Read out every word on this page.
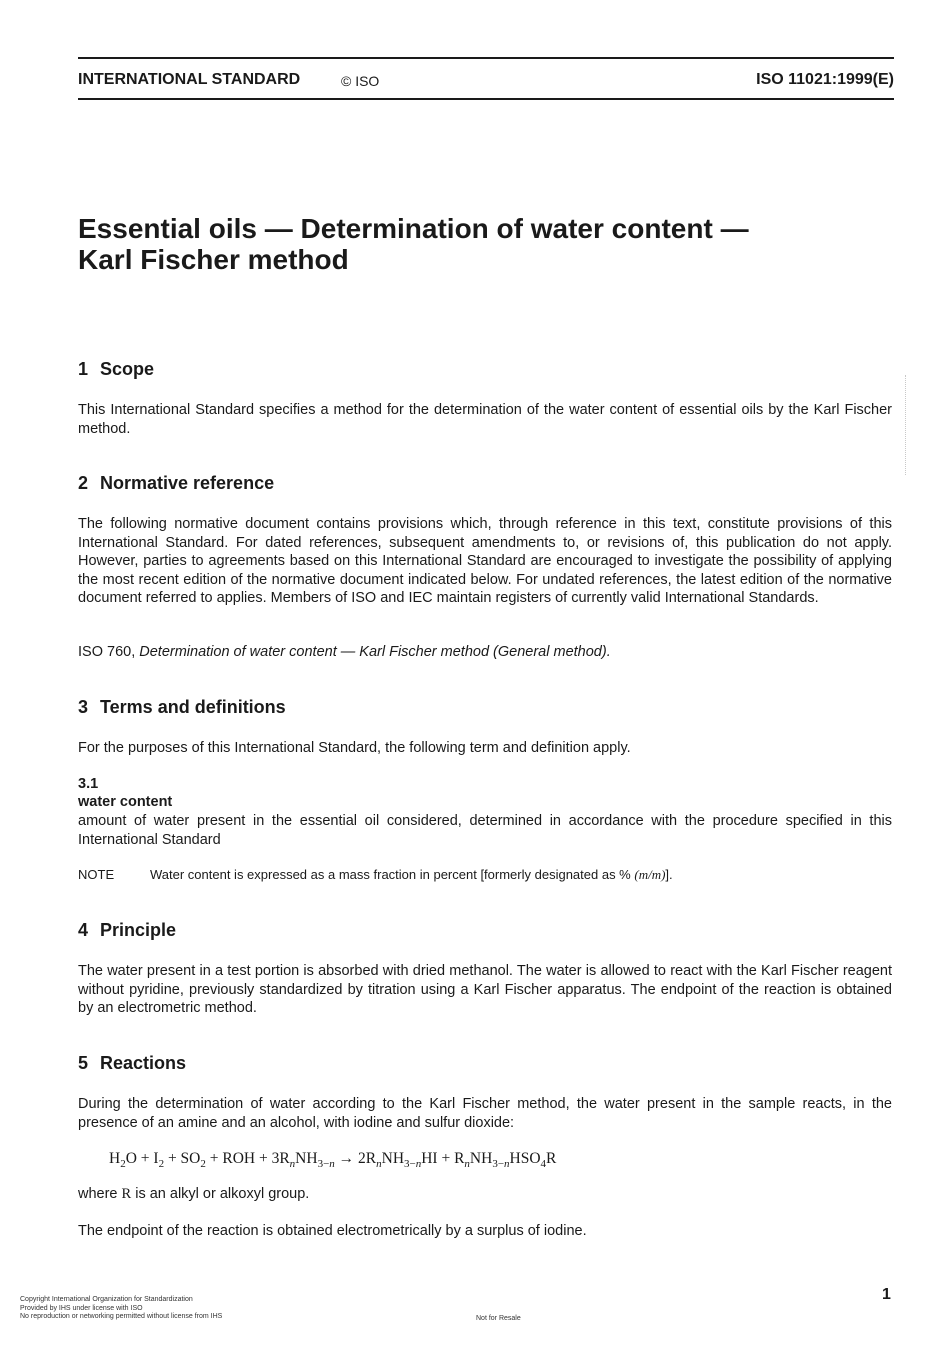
INTERNATIONAL STANDARD	© ISO	ISO 11021:1999(E)
Essential oils — Determination of water content —
Karl Fischer method
1 Scope

This International Standard specifies a method for the determination of the water content of essential oils by the Karl Fischer method.

2 Normative reference

The following normative document contains provisions which, through reference in this text, constitute provisions of this International Standard. For dated references, subsequent amendments to, or revisions of, this publication do not apply. However, parties to agreements based on this International Standard are encouraged to investigate the possibility of applying the most recent edition of the normative document indicated below. For undated references, the latest edition of the normative document referred to applies. Members of ISO and IEC maintain registers of currently valid International Standards.

ISO 760, Determination of water content — Karl Fischer method (General method).

3 Terms and definitions

For the purposes of this International Standard, the following term and definition apply.

3.1

water content

amount of water present in the essential oil considered, determined in accordance with the procedure specified in this International Standard

NOTE	Water content is expressed as a mass fraction in percent [formerly designated as % (m/m)].
4 Principle

The water present in a test portion is absorbed with dried methanol. The water is allowed to react with the Karl Fischer reagent without pyridine, previously standardized by titration using a Karl Fischer apparatus. The endpoint of the reaction is obtained by an electrometric method.

5 Reactions

During the determination of water according to the Karl Fischer method, the water present in the sample reacts, in the presence of an amine and an alcohol, with iodine and sulfur dioxide:

$H_2O + I_2 + SO_2$ + ROH + $3R_nNH_{3-n} \to 2R_nNH_{3-n}HI + R_nNH_{3-n}HSO_4R$

where R is an alkyl or alkoxyl group.

The endpoint of the reaction is obtained electrometrically by a surplus of iodine.

Copyright International Organization for Standardization
Provided by IHS under license with ISO
No reproduction or networking permitted without license from IHS	Not for Resale
1
